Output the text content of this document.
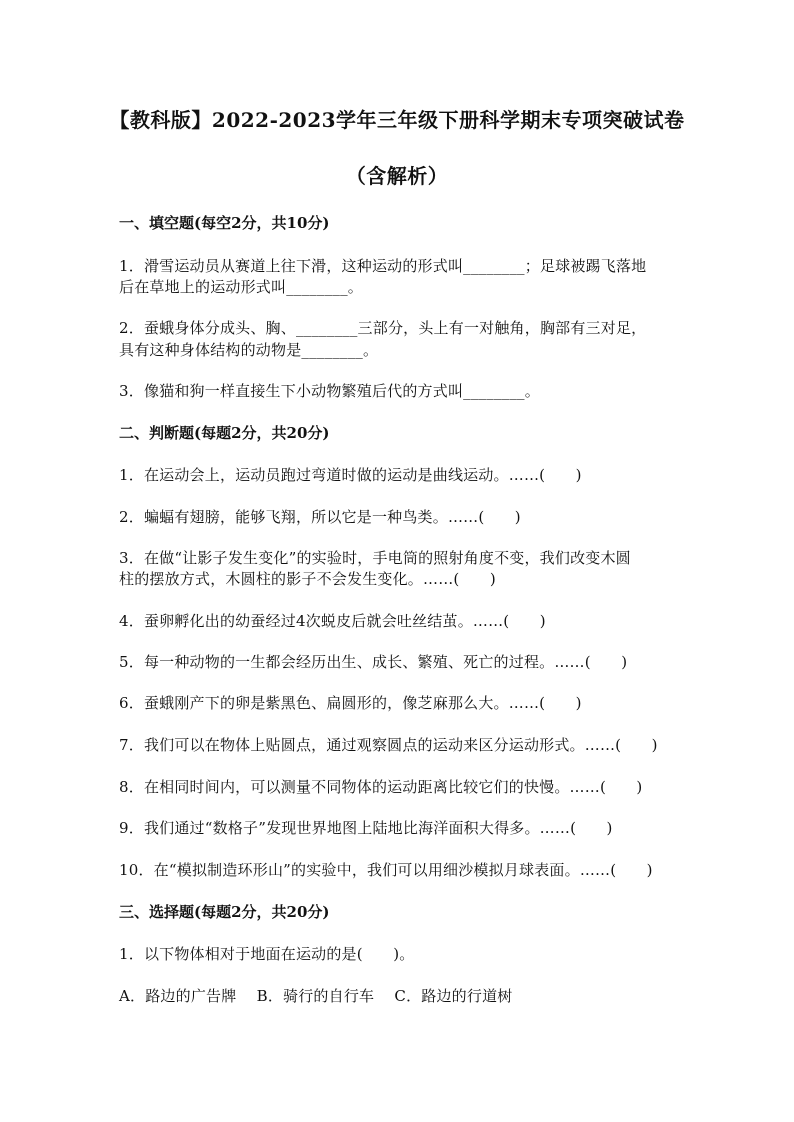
【教科版】2022-2023学年三年级下册科学期末专项突破试卷
（含解析）
一、填空题(每空2分，共10分)
1．滑雪运动员从赛道上往下滑，这种运动的形式叫________；足球被踢飞落地
后在草地上的运动形式叫________。
2．蚕蛾身体分成头、胸、________三部分，头上有一对触角，胸部有三对足，
具有这种身体结构的动物是________。
3．像猫和狗一样直接生下小动物繁殖后代的方式叫________。
二、判断题(每题2分，共20分)
1．在运动会上，运动员跑过弯道时做的运动是曲线运动。……(　　)
2．蝙蝠有翅膀，能够飞翔，所以它是一种鸟类。……(　　)
3．在做“让影子发生变化”的实验时，手电筒的照射角度不变，我们改变木圆
柱的摆放方式，木圆柱的影子不会发生变化。……(　　)
4．蚕卵孵化出的幼蚕经过4次蜕皮后就会吐丝结茧。……(　　)
5．每一种动物的一生都会经历出生、成长、繁殖、死亡的过程。……(　　)
6．蚕蛾刚产下的卵是紫黑色、扁圆形的，像芝麻那么大。……(　　)
7．我们可以在物体上贴圆点，通过观察圆点的运动来区分运动形式。……(　　)
8．在相同时间内，可以测量不同物体的运动距离比较它们的快慢。……(　　)
9．我们通过“数格子”发现世界地图上陆地比海洋面积大得多。……(　　)
10．在“模拟制造环形山”的实验中，我们可以用细沙模拟月球表面。……(　　)
三、选择题(每题2分，共20分)
1．以下物体相对于地面在运动的是(　　)。
A．路边的广告牌　 B．骑行的自行车　 C．路边的行道树
